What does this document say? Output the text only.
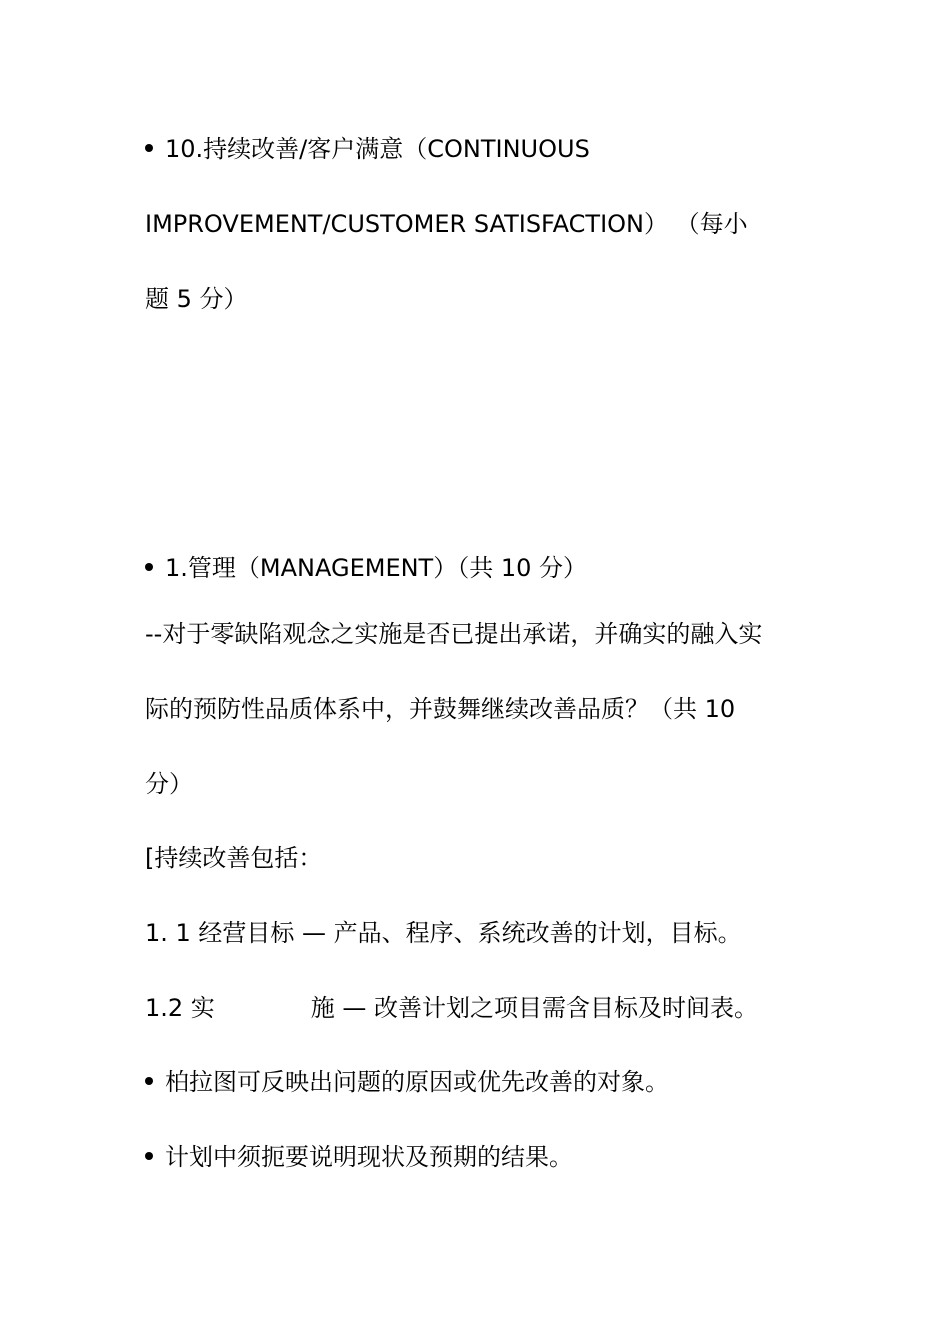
10.持续改善/客户满意（CONTINUOUS
IMPROVEMENT/CUSTOMER SATISFACTION） （每小
题 5 分）
1.管理（MANAGEMENT）（共 10 分）
--对于零缺陷观念之实施是否已提出承诺，并确实的融入实
际的预防性品质体系中，并鼓舞继续改善品质？（共 10
分）
[持续改善包括：
1. 1 经营目标 — 产品、程序、系统改善的计划，目标。
1.2 实	施 — 改善计划之项目需含目标及时间表。
柏拉图可反映出问题的原因或优先改善的对象。
计划中须扼要说明现状及预期的结果。
